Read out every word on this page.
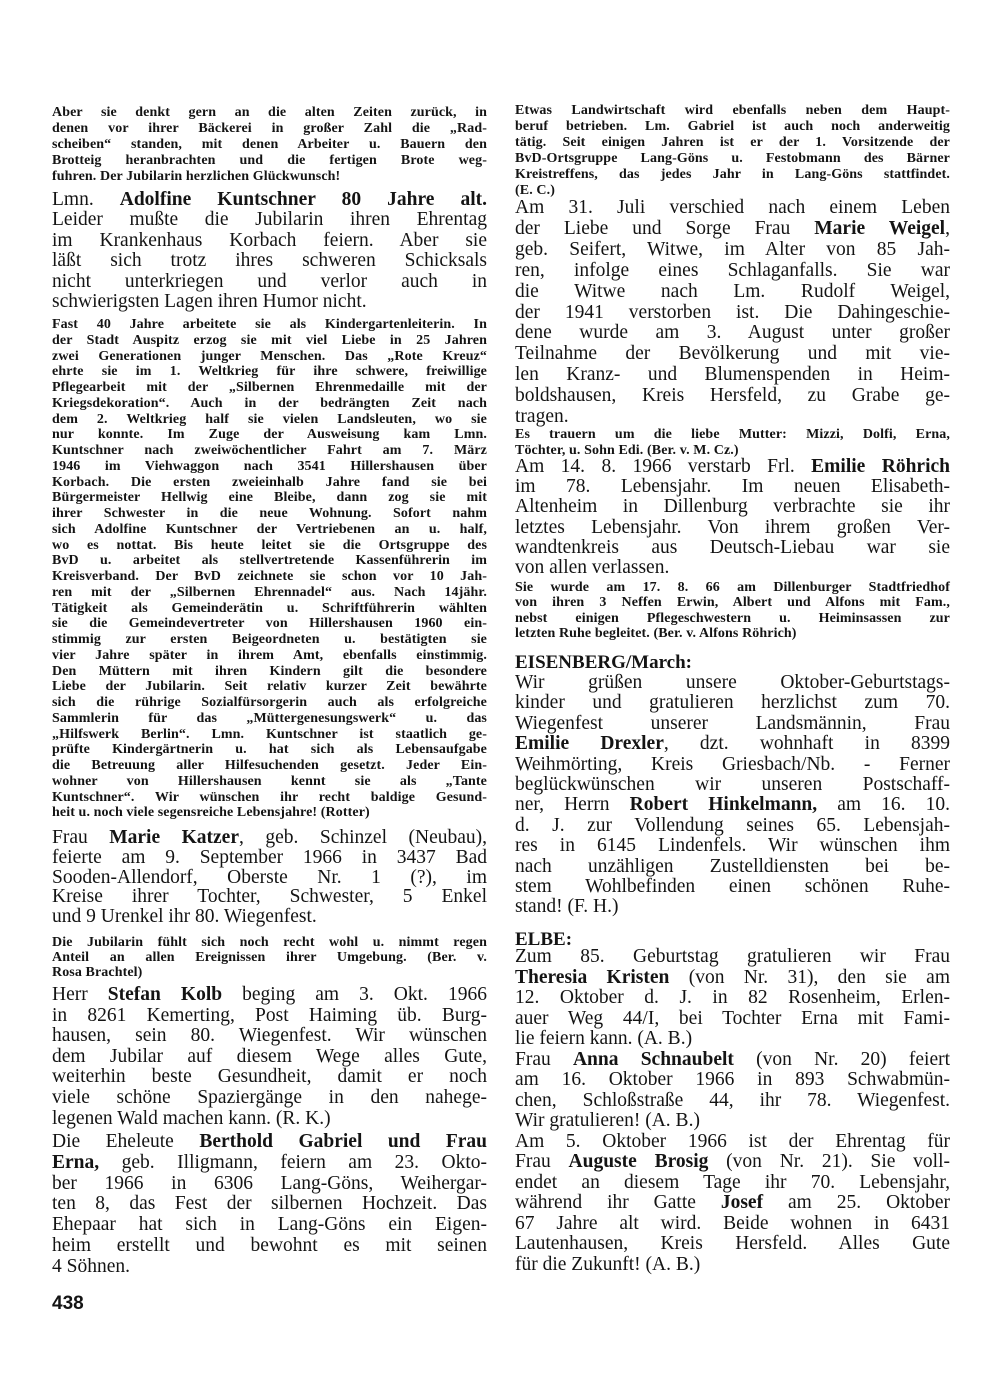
Aber sie denkt gern an die alten Zeiten zurück, in
denen vor ihrer Bäckerei in großer Zahl die „Rad-
scheiben“ standen, mit denen Arbeiter u. Bauern den
Brotteig heranbrachten und die fertigen Brote weg-
fuhren. Der Jubilarin herzlichen Glückwunsch!
Lmn. Adolfine Kuntschner 80 Jahre alt.
Leider mußte die Jubilarin ihren Ehrentag
im Krankenhaus Korbach feiern. Aber sie
läßt sich trotz ihres schweren Schicksals
nicht unterkriegen und verlor auch in
schwierigsten Lagen ihren Humor nicht.
Fast 40 Jahre arbeitete sie als Kindergartenleiterin. In
der Stadt Auspitz erzog sie mit viel Liebe in 25 Jahren
zwei Generationen junger Menschen. Das „Rote Kreuz“
ehrte sie im 1. Weltkrieg für ihre schwere, freiwillige
Pflegearbeit mit der „Silbernen Ehrenmedaille mit der
Kriegsdekoration“. Auch in der bedrängten Zeit nach
dem 2. Weltkrieg half sie vielen Landsleuten, wo sie
nur konnte. Im Zuge der Ausweisung kam Lmn.
Kuntschner nach zweiwöchentlicher Fahrt am 7. März
1946 im Viehwaggon nach 3541 Hillershausen über
Korbach. Die ersten zweieinhalb Jahre fand sie bei
Bürgermeister Hellwig eine Bleibe, dann zog sie mit
ihrer Schwester in die neue Wohnung. Sofort nahm
sich Adolfine Kuntschner der Vertriebenen an u. half,
wo es nottat. Bis heute leitet sie die Ortsgruppe des
BvD u. arbeitet als stellvertretende Kassenführerin im
Kreisverband. Der BvD zeichnete sie schon vor 10 Jah-
ren mit der „Silbernen Ehrennadel“ aus. Nach 14jähr.
Tätigkeit als Gemeinderätin u. Schriftführerin wählten
sie die Gemeindevertreter von Hillershausen 1960 ein-
stimmig zur ersten Beigeordneten u. bestätigten sie
vier Jahre später in ihrem Amt, ebenfalls einstimmig.
Den Müttern mit ihren Kindern gilt die besondere
Liebe der Jubilarin. Seit relativ kurzer Zeit bewährte
sich die rührige Sozialfürsorgerin auch als erfolgreiche
Sammlerin für das „Müttergenesungswerk“ u. das
„Hilfswerk Berlin“. Lmn. Kuntschner ist staatlich ge-
prüfte Kindergärtnerin u. hat sich als Lebensaufgabe
die Betreuung aller Hilfesuchenden gesetzt. Jeder Ein-
wohner von Hillershausen kennt sie als „Tante
Kuntschner“. Wir wünschen ihr recht baldige Gesund-
heit u. noch viele segensreiche Lebensjahre! (Rotter)
Frau Marie Katzer, geb. Schinzel (Neubau),
feierte am 9. September 1966 in 3437 Bad
Sooden-Allendorf, Oberste Nr. 1 (?), im
Kreise ihrer Tochter, Schwester, 5 Enkel
und 9 Urenkel ihr 80. Wiegenfest.
Die Jubilarin fühlt sich noch recht wohl u. nimmt regen
Anteil an allen Ereignissen ihrer Umgebung. (Ber. v.
Rosa Brachtel)
Herr Stefan Kolb beging am 3. Okt. 1966
in 8261 Kemerting, Post Haiming üb. Burg-
hausen, sein 80. Wiegenfest. Wir wünschen
dem Jubilar auf diesem Wege alles Gute,
weiterhin beste Gesundheit, damit er noch
viele schöne Spaziergänge in den nahege-
legenen Wald machen kann. (R. K.)
Die Eheleute Berthold Gabriel und Frau
Erna, geb. Illigmann, feiern am 23. Okto-
ber 1966 in 6306 Lang-Göns, Weihergar-
ten 8, das Fest der silbernen Hochzeit. Das
Ehepaar hat sich in Lang-Göns ein Eigen-
heim erstellt und bewohnt es mit seinen
4 Söhnen.
438
Etwas Landwirtschaft wird ebenfalls neben dem Haupt-
beruf betrieben. Lm. Gabriel ist auch noch anderweitig
tätig. Seit einigen Jahren ist er der 1. Vorsitzende der
BvD-Ortsgruppe Lang-Göns u. Festobmann des Bärner
Kreistreffens, das jedes Jahr in Lang-Göns stattfindet.
(E. C.)
Am 31. Juli verschied nach einem Leben
der Liebe und Sorge Frau Marie Weigel,
geb. Seifert, Witwe, im Alter von 85 Jah-
ren, infolge eines Schlaganfalls. Sie war
die Witwe nach Lm. Rudolf Weigel,
der 1941 verstorben ist. Die Dahingeschie-
dene wurde am 3. August unter großer
Teilnahme der Bevölkerung und mit vie-
len Kranz- und Blumenspenden in Heim-
boldshausen, Kreis Hersfeld, zu Grabe ge-
tragen.
Es trauern um die liebe Mutter: Mizzi, Dolfi, Erna,
Töchter, u. Sohn Edi. (Ber. v. M. Cz.)
Am 14. 8. 1966 verstarb Frl. Emilie Röhrich
im 78. Lebensjahr. Im neuen Elisabeth-
Altenheim in Dillenburg verbrachte sie ihr
letztes Lebensjahr. Von ihrem großen Ver-
wandtenkreis aus Deutsch-Liebau war sie
von allen verlassen.
Sie wurde am 17. 8. 66 am Dillenburger Stadtfriedhof
von ihren 3 Neffen Erwin, Albert und Alfons mit Fam.,
nebst einigen Pflegeschwestern u. Heiminsassen zur
letzten Ruhe begleitet. (Ber. v. Alfons Röhrich)
EISENBERG/March:
Wir grüßen unsere Oktober-Geburtstags-
kinder und gratulieren herzlichst zum 70.
Wiegenfest unserer Landsmännin, Frau
Emilie Drexler, dzt. wohnhaft in 8399
Weihmörting, Kreis Griesbach/Nb. - Ferner
beglückwünschen wir unseren Postschaff-
ner, Herrn Robert Hinkelmann, am 16. 10.
d. J. zur Vollendung seines 65. Lebensjah-
res in 6145 Lindenfels. Wir wünschen ihm
nach unzähligen Zustelldiensten bei be-
stem Wohlbefinden einen schönen Ruhe-
stand! (F. H.)
ELBE:
Zum 85. Geburtstag gratulieren wir Frau
Theresia Kristen (von Nr. 31), den sie am
12. Oktober d. J. in 82 Rosenheim, Erlen-
auer Weg 44/I, bei Tochter Erna mit Fami-
lie feiern kann. (A. B.)
Frau Anna Schnaubelt (von Nr. 20) feiert
am 16. Oktober 1966 in 893 Schwabmün-
chen, Schloßstraße 44, ihr 78. Wiegenfest.
Wir gratulieren! (A. B.)
Am 5. Oktober 1966 ist der Ehrentag für
Frau Auguste Brosig (von Nr. 21). Sie voll-
endet an diesem Tage ihr 70. Lebensjahr,
während ihr Gatte Josef am 25. Oktober
67 Jahre alt wird. Beide wohnen in 6431
Lautenhausen, Kreis Hersfeld. Alles Gute
für die Zukunft! (A. B.)
